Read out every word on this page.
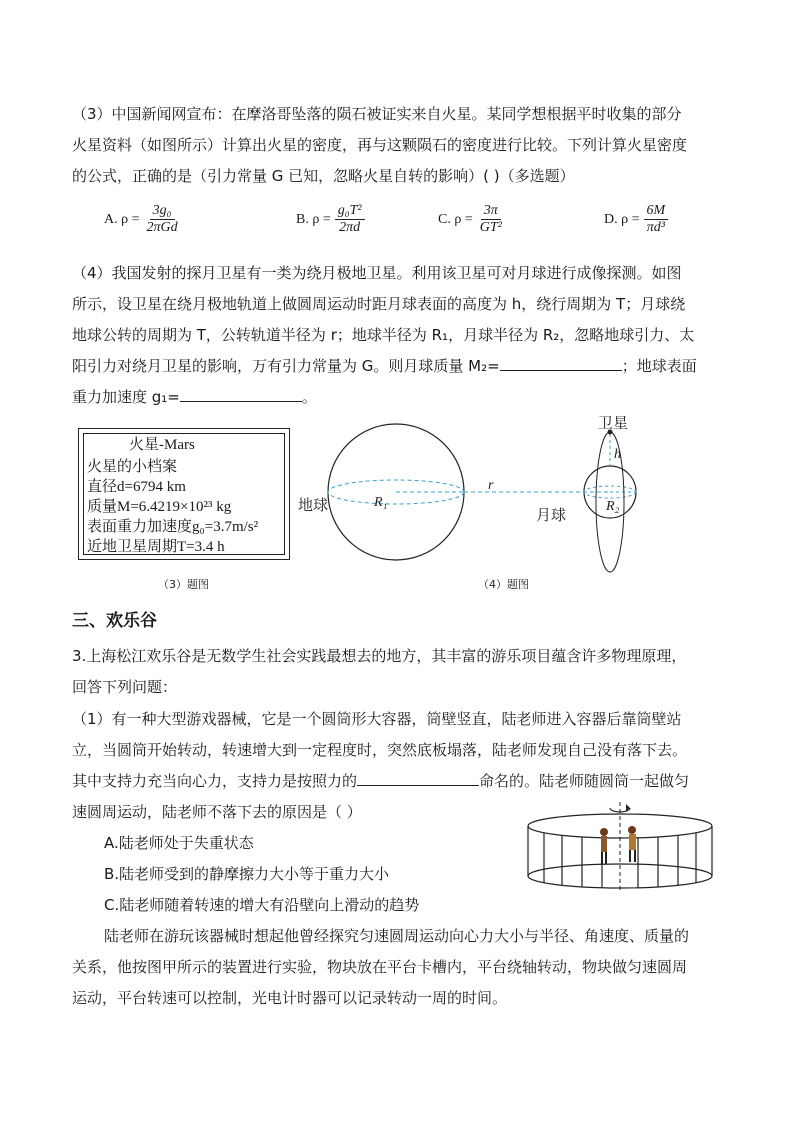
（3）中国新闻网宣布：在摩洛哥坠落的陨石被证实来自火星。某同学想根据平时收集的部分
火星资料（如图所示）计算出火星的密度，再与这颗陨石的密度进行比较。下列计算火星密度
的公式，正确的是（引力常量 G 已知，忽略火星自转的影响）( )（多选题）
A. $\rho = \frac{\text{3g₀}}{\text{2πGd}}$	B. $\rho = \frac{\text{g₀T²}}{2\pi d}$	C. $\rho = \frac{3\pi}{\text{GT²}}$	D. $\rho = \frac{6M}{\text{πd³}}$
（4）我国发射的探月卫星有一类为绕月极地卫星。利用该卫星可对月球进行成像探测。如图
所示，设卫星在绕月极地轨道上做圆周运动时距月球表面的高度为 h，绕行周期为 T；月球绕
地球公转的周期为 T，公转轨道半径为 r；地球半径为 R₁，月球半径为 R₂，忽略地球引力、太
阳引力对绕月卫星的影响，万有引力常量为 G。则月球质量 M₂=	；地球表面
重力加速度 g₁=	。
火星-Mars
火星的小档案
直径d=6794 km
质量M=6.4219×10²³ kg
表面重力加速度g₀=3.7m/s²
近地卫星周期T=3.4 h
卫星
h
地球	R₁
r
月球
R₂
（3）题图	（4）题图
三、欢乐谷
3.上海松江欢乐谷是无数学生社会实践最想去的地方，其丰富的游乐项目蕴含许多物理原理，
回答下列问题：
（1）有一种大型游戏器械，它是一个圆筒形大容器，筒壁竖直，陆老师进入容器后靠筒壁站
立，当圆筒开始转动，转速增大到一定程度时，突然底板塌落，陆老师发现自己没有落下去。
其中支持力充当向心力，支持力是按照力的	命名的。陆老师随圆筒一起做匀
速圆周运动，陆老师不落下去的原因是（ ）
A.陆老师处于失重状态
B.陆老师受到的静摩擦力大小等于重力大小
C.陆老师随着转速的增大有沿壁向上滑动的趋势
陆老师在游玩该器械时想起他曾经探究匀速圆周运动向心力大小与半径、角速度、质量的
关系，他按图甲所示的装置进行实验，物块放在平台卡槽内，平台绕轴转动，物块做匀速圆周
运动，平台转速可以控制，光电计时器可以记录转动一周的时间。
